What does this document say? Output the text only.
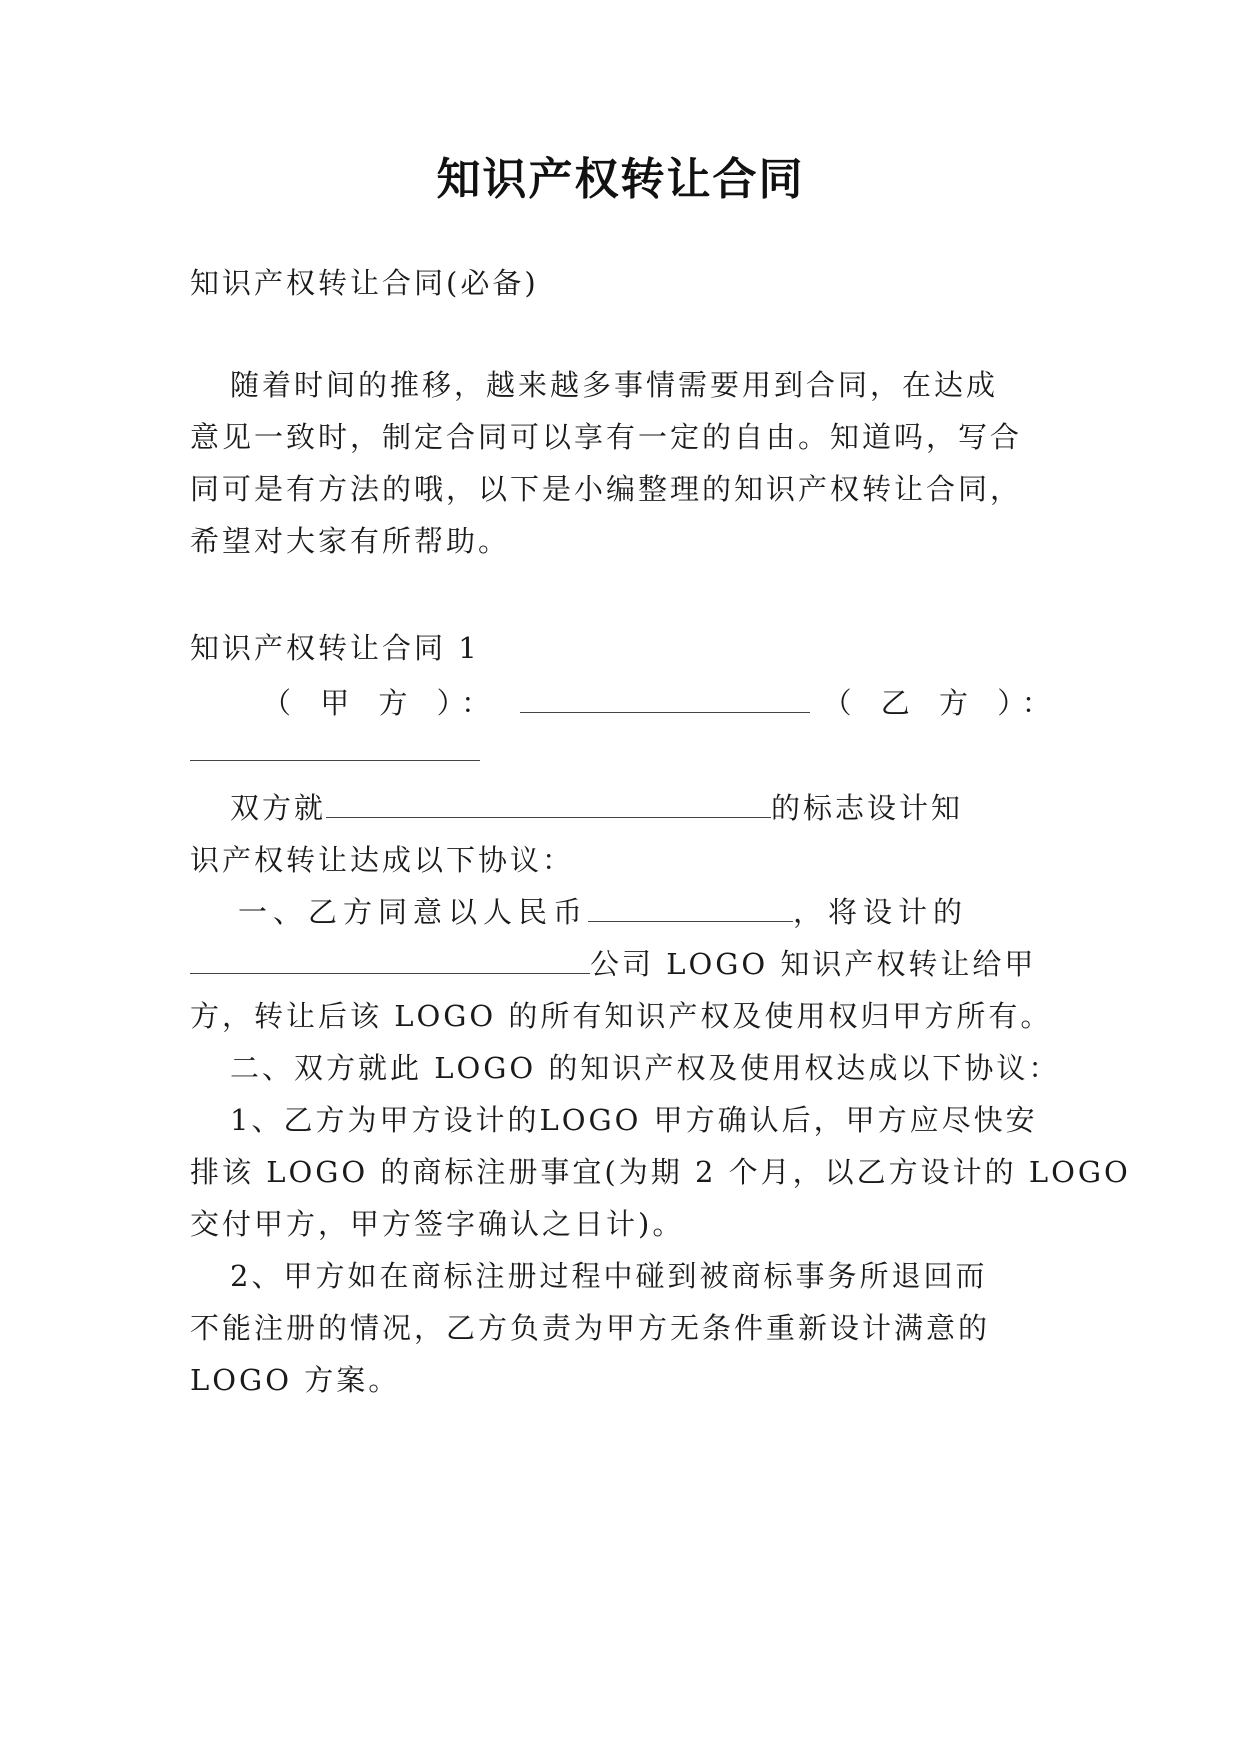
知识产权转让合同
知识产权转让合同(必备)
随着时间的推移，越来越多事情需要用到合同，在达成
意见一致时，制定合同可以享有一定的自由。知道吗，写合
同可是有方法的哦，以下是小编整理的知识产权转让合同，
希望对大家有所帮助。
知识产权转让合同 1
（ 甲 方 ）：	（ 乙 方 ）：
双方就	的标志设计知
识产权转让达成以下协议：
一、乙方同意以人民币	，将设计的
公司 LOGO 知识产权转让给甲
方，转让后该 LOGO 的所有知识产权及使用权归甲方所有。
二、双方就此 LOGO 的知识产权及使用权达成以下协议：
1、乙方为甲方设计的LOGO 甲方确认后，甲方应尽快安
排该 LOGO 的商标注册事宜(为期 2 个月，以乙方设计的 LOGO
交付甲方，甲方签字确认之日计)。
2、甲方如在商标注册过程中碰到被商标事务所退回而
不能注册的情况，乙方负责为甲方无条件重新设计满意的
LOGO 方案。
